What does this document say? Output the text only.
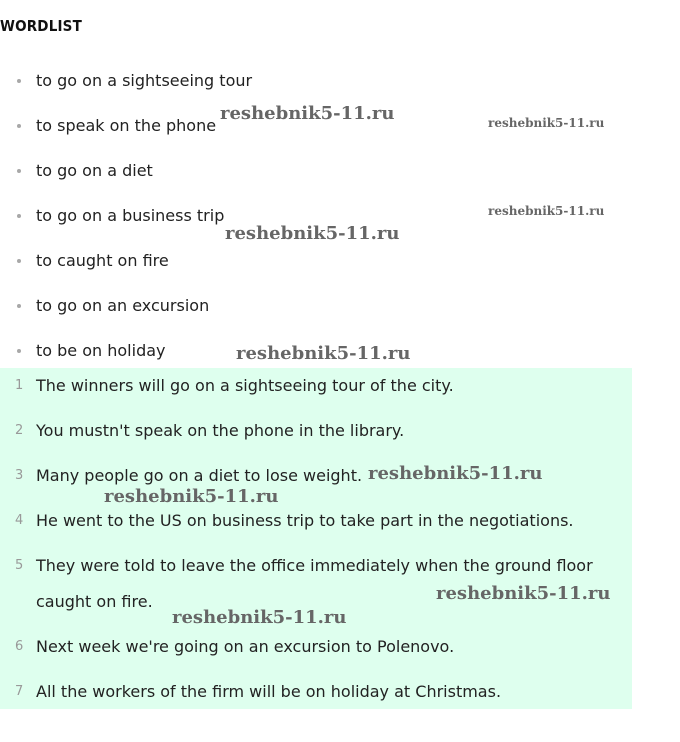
WORDLIST
to go on a sightseeing tour
to speak on the phone
to go on a diet
to go on a business trip
to caught on fire
to go on an excursion
to be on holiday
1 The winners will go on a sightseeing tour of the city.
2 You mustn't speak on the phone in the library.
3 Many people go on a diet to lose weight.
4 He went to the US on business trip to take part in the negotiations.
5 They were told to leave the office immediately when the ground floor caught on fire.
6 Next week we're going on an excursion to Polenovo.
7 All the workers of the firm will be on holiday at Christmas.
reshebnik5-11.ru	reshebnik5-11.ru
reshebnik5-11.ru
reshebnik5-11.ru
reshebnik5-11.ru
reshebnik5-11.ru
reshebnik5-11.ru
reshebnik5-11.ru
reshebnik5-11.ru
